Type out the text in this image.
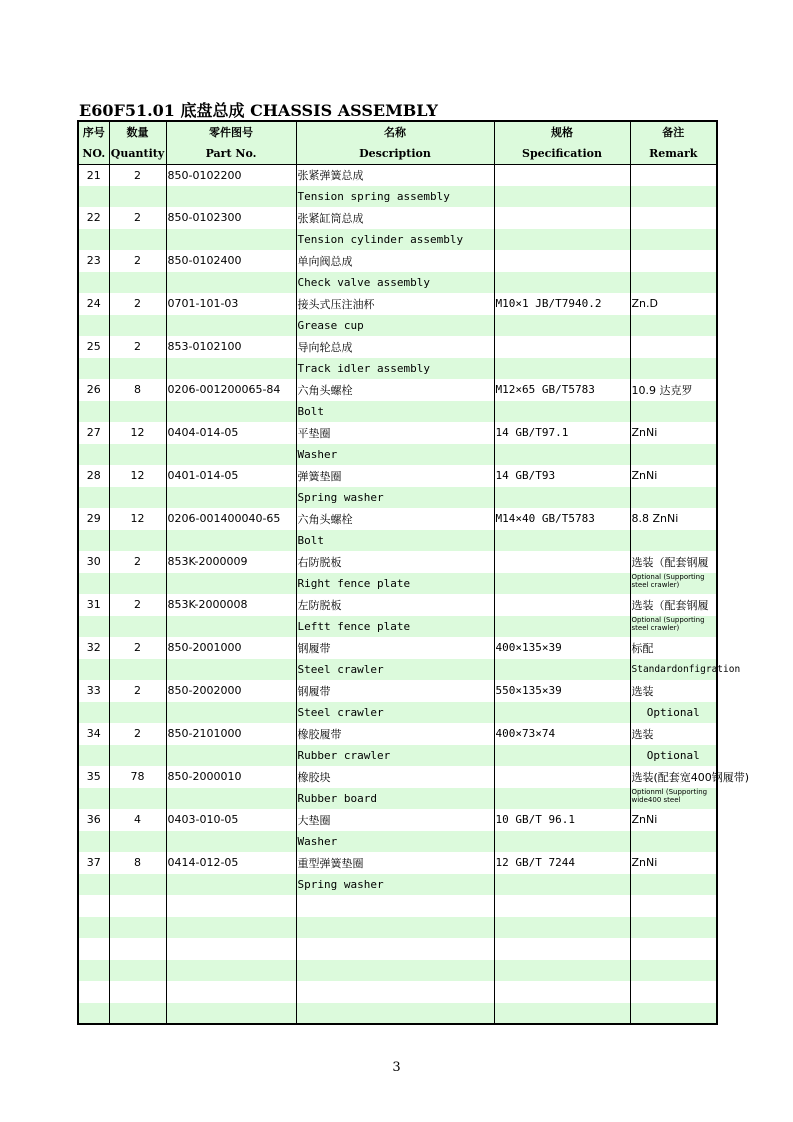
E60F51.01 底盘总成 CHASSIS ASSEMBLY
序号	数量	零件图号	名称	规格	备注
NO.	Quantity	Part No.	Description	Specification	Remark
21	2	850-0102200	张紧弹簧总成		
			Tension spring assembly		
22	2	850-0102300	张紧缸筒总成		
			Tension cylinder assembly		
23	2	850-0102400	单向阀总成		
			Check valve assembly		
24	2	0701-101-03	接头式压注油杯	M10×1 JB/T7940.2	Zn.D
			Grease cup		
25	2	853-0102100	导向轮总成		
			Track idler assembly		
26	8	0206-001200065-84	六角头螺栓	M12×65 GB/T5783	10.9 达克罗
			Bolt		
27	12	0404-014-05	平垫圈	14 GB/T97.1	ZnNi
			Washer		
28	12	0401-014-05	弹簧垫圈	14 GB/T93	ZnNi
			Spring washer		
29	12	0206-001400040-65	六角头螺栓	M14×40 GB/T5783	8.8 ZnNi
			Bolt		
30	2	853K-2000009	右防脱板		选装（配套钢履
			Right fence plate		Optional (Supporting steel crawler)
31	2	853K-2000008	左防脱板		选装（配套钢履
			Leftt fence plate		Optional (Supporting steel crawler)
32	2	850-2001000	钢履带	400×135×39	标配
			Steel crawler		Standardonfigration
33	2	850-2002000	钢履带	550×135×39	选装
			Steel crawler		Optional
34	2	850-2101000	橡胶履带	400×73×74	选装
			Rubber crawler		Optional
35	78	850-2000010	橡胶块		选装(配套宽400钢履带)
			Rubber board		Optionml (Supporting wide400 steel
36	4	0403-010-05	大垫圈	10 GB/T 96.1	ZnNi
			Washer		
37	8	0414-012-05	重型弹簧垫圈	12 GB/T 7244	ZnNi
			Spring washer		

3
